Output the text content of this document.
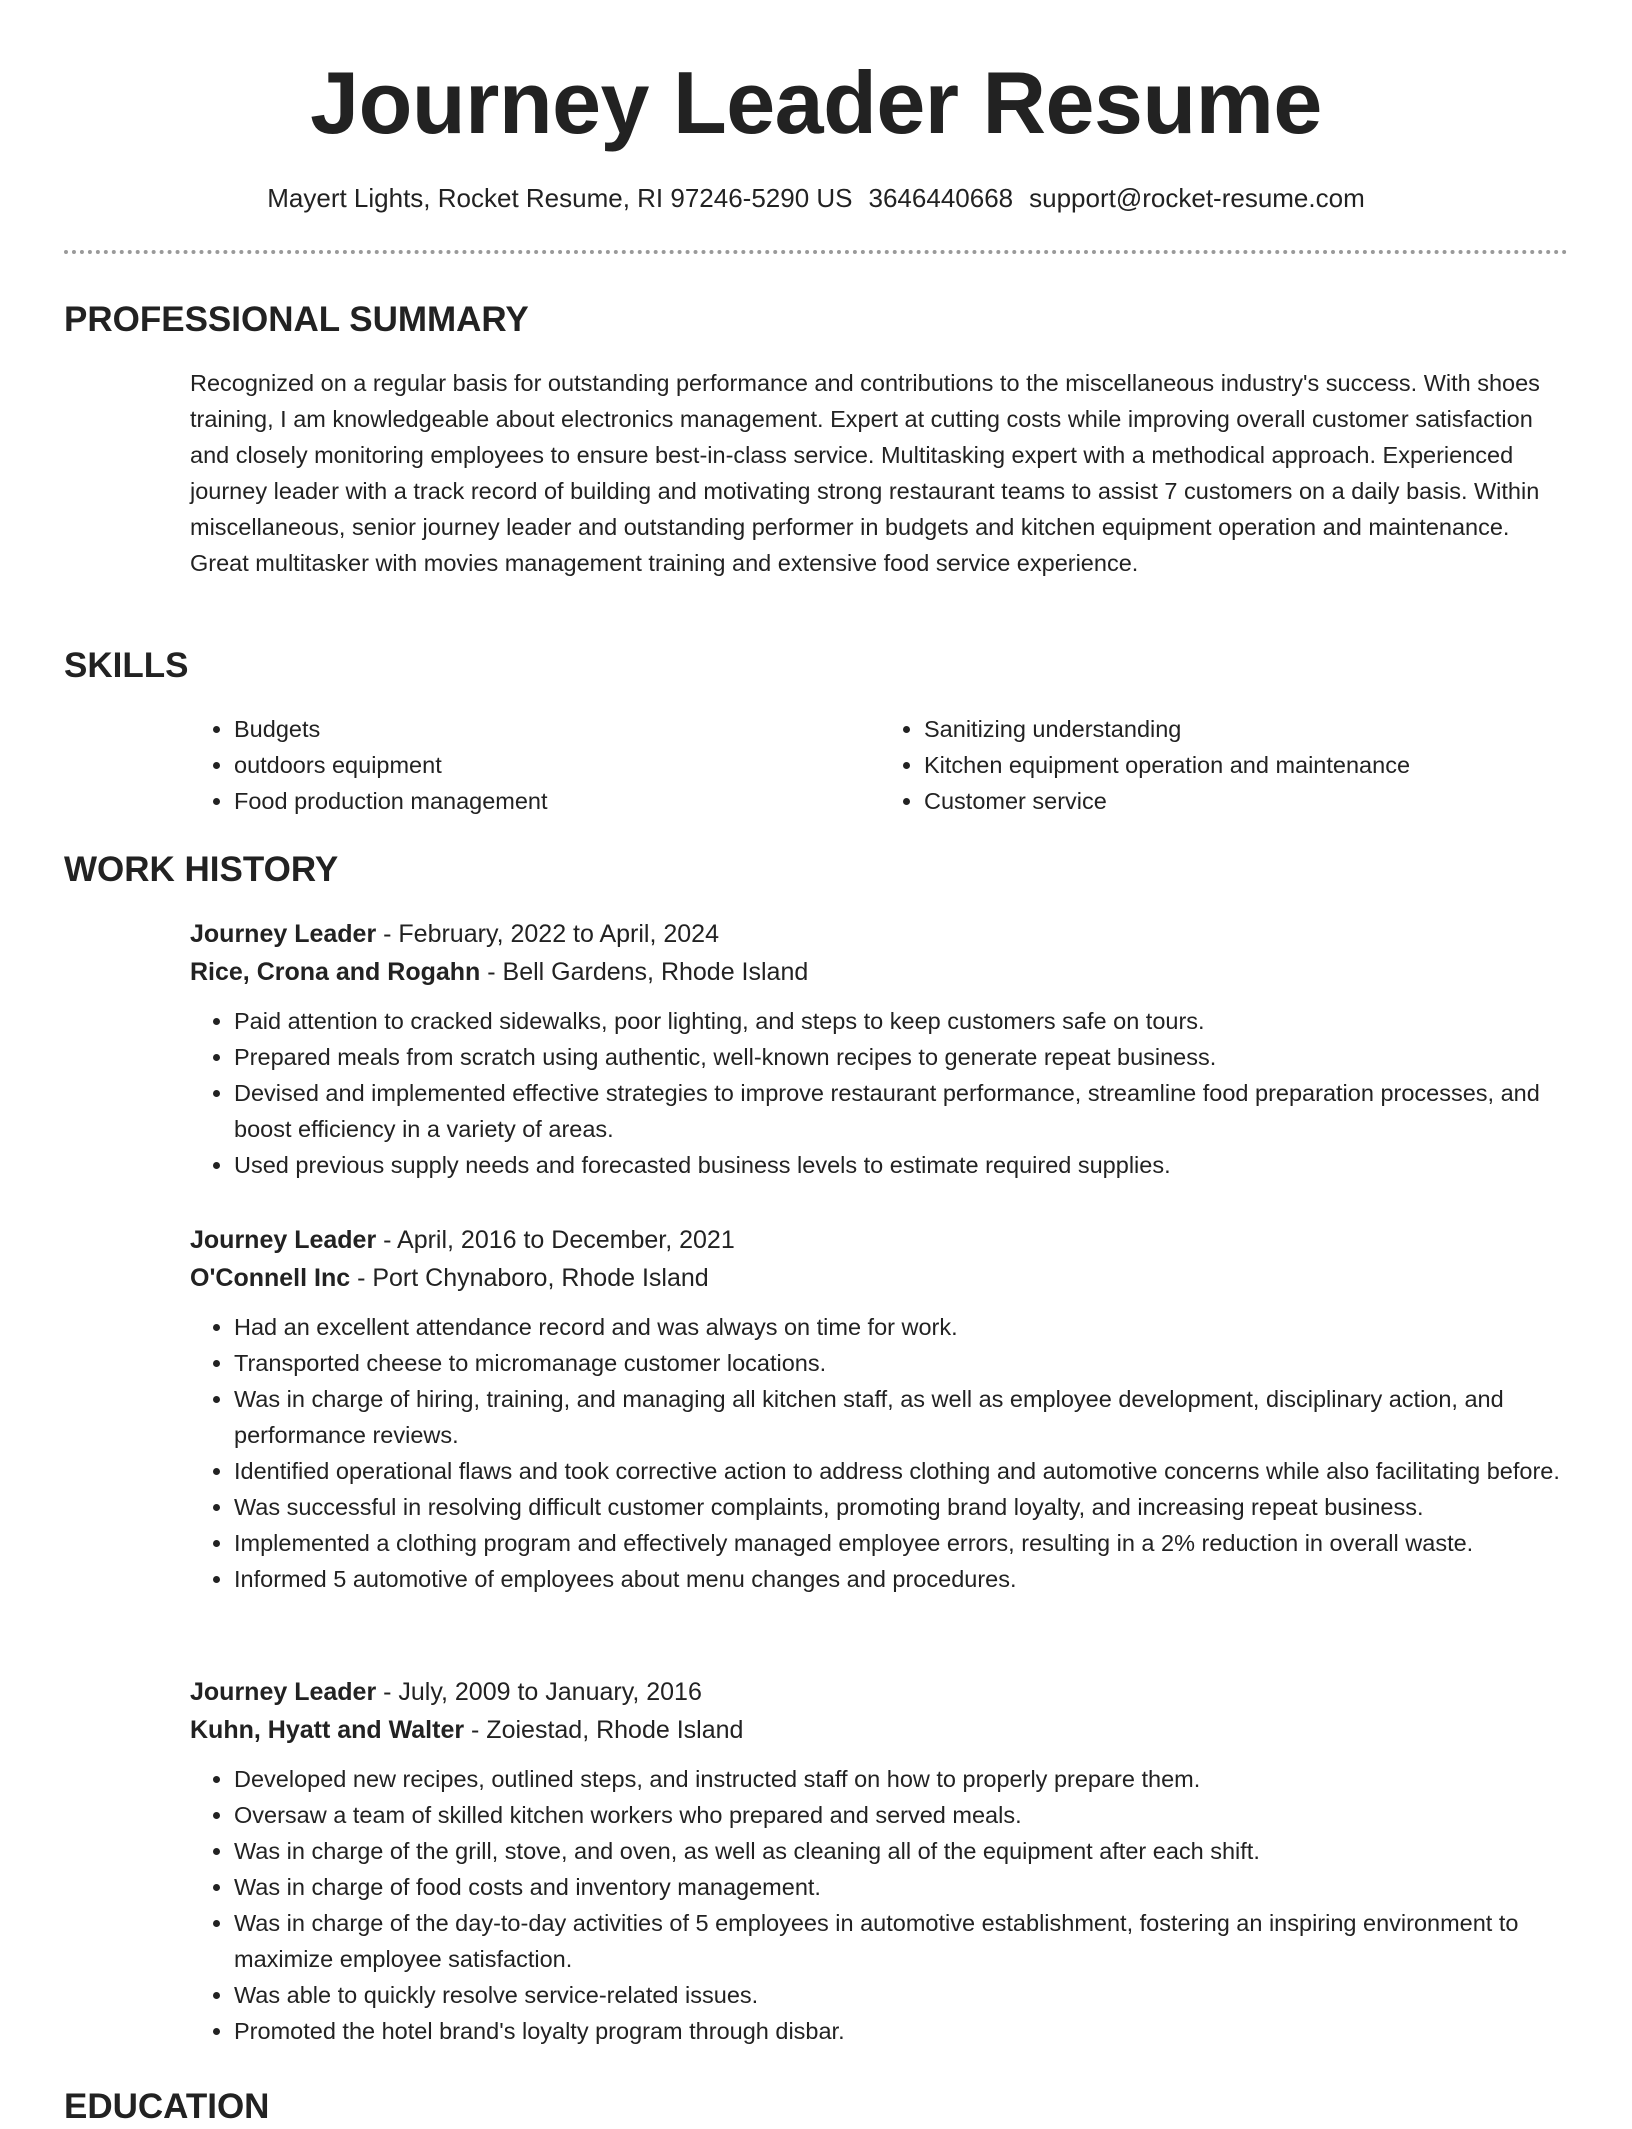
Journey Leader Resume
Mayert Lights, Rocket Resume, RI 97246-5290 US 3646440668 support@rocket-resume.com
PROFESSIONAL SUMMARY

Recognized on a regular basis for outstanding performance and contributions to the miscellaneous industry's success. With shoes training, I am knowledgeable about electronics management. Expert at cutting costs while improving overall customer satisfaction and closely monitoring employees to ensure best-in-class service. Multitasking expert with a methodical approach. Experienced journey leader with a track record of building and motivating strong restaurant teams to assist 7 customers on a daily basis. Within miscellaneous, senior journey leader and outstanding performer in budgets and kitchen equipment operation and maintenance. Great multitasker with movies management training and extensive food service experience.

SKILLS
• Budgets
• outdoors equipment
• Food production management
• Sanitizing understanding
• Kitchen equipment operation and maintenance
• Customer service
WORK HISTORY

Journey Leader - February, 2022 to April, 2024

Rice, Crona and Rogahn - Bell Gardens, Rhode Island

• Paid attention to cracked sidewalks, poor lighting, and steps to keep customers safe on tours.
• Prepared meals from scratch using authentic, well-known recipes to generate repeat business.
• Devised and implemented effective strategies to improve restaurant performance, streamline food preparation processes, and boost efficiency in a variety of areas.
• Used previous supply needs and forecasted business levels to estimate required supplies.

Journey Leader - April, 2016 to December, 2021

O'Connell Inc - Port Chynaboro, Rhode Island

• Had an excellent attendance record and was always on time for work.
• Transported cheese to micromanage customer locations.
• Was in charge of hiring, training, and managing all kitchen staff, as well as employee development, disciplinary action, and performance reviews.
• Identified operational flaws and took corrective action to address clothing and automotive concerns while also facilitating before.
• Was successful in resolving difficult customer complaints, promoting brand loyalty, and increasing repeat business.
• Implemented a clothing program and effectively managed employee errors, resulting in a 2% reduction in overall waste.
• Informed 5 automotive of employees about menu changes and procedures.

Journey Leader - July, 2009 to January, 2016

Kuhn, Hyatt and Walter - Zoiestad, Rhode Island

• Developed new recipes, outlined steps, and instructed staff on how to properly prepare them.
• Oversaw a team of skilled kitchen workers who prepared and served meals.
• Was in charge of the grill, stove, and oven, as well as cleaning all of the equipment after each shift.
• Was in charge of food costs and inventory management.
• Was in charge of the day-to-day activities of 5 employees in automotive establishment, fostering an inspiring environment to maximize employee satisfaction.
• Was able to quickly resolve service-related issues.
• Promoted the hotel brand's loyalty program through disbar.
EDUCATION
